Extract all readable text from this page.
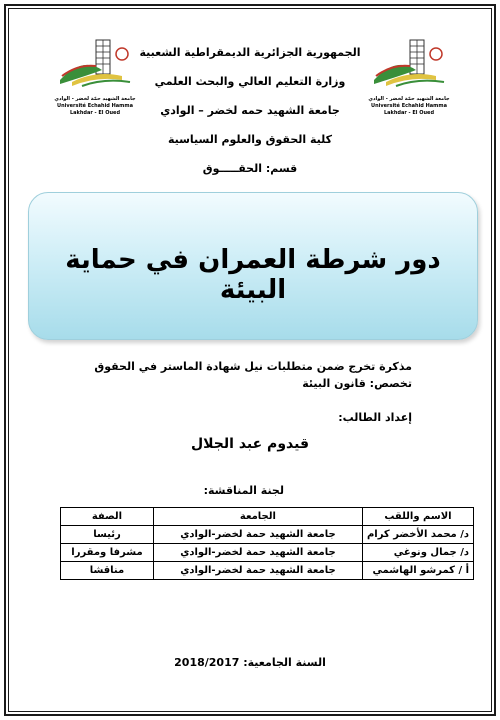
جامعة الشهيد حمّة لخضر - الوادي
Université Echahid Hamma Lakhdar - El Oued
جامعة الشهيد حمّة لخضر - الوادي
Université Echahid Hamma Lakhdar - El Oued
الجمهورية الجزائرية الديمقراطية الشعبية
وزارة التعليم العالي والبحث العلمي
جامعة الشهيد حمه لخضر – الوادي
كلية الحقوق والعلوم السياسية
قسم: الحقـــــوق
دور شرطة العمران في حماية البيئة
مذكرة تخرج ضمن متطلبات نيل شهادة الماستر في الحقوق
تخصص: قانون البيئة
إعداد الطالب:
قيدوم عبد الجلال
لجنة المناقشة:
الاسم واللقب	الجامعة	الصفة
د/ محمد الأخضر كرام	جامعة الشهيد حمة لخضر-الوادي	رئيسا
د/ جمال ونوغي	جامعة الشهيد حمة لخضر-الوادي	مشرفا ومقررا
أ / كمرشو الهاشمي	جامعة الشهيد حمة لخضر-الوادي	مناقشا
السنة الجامعية: 2018/2017
